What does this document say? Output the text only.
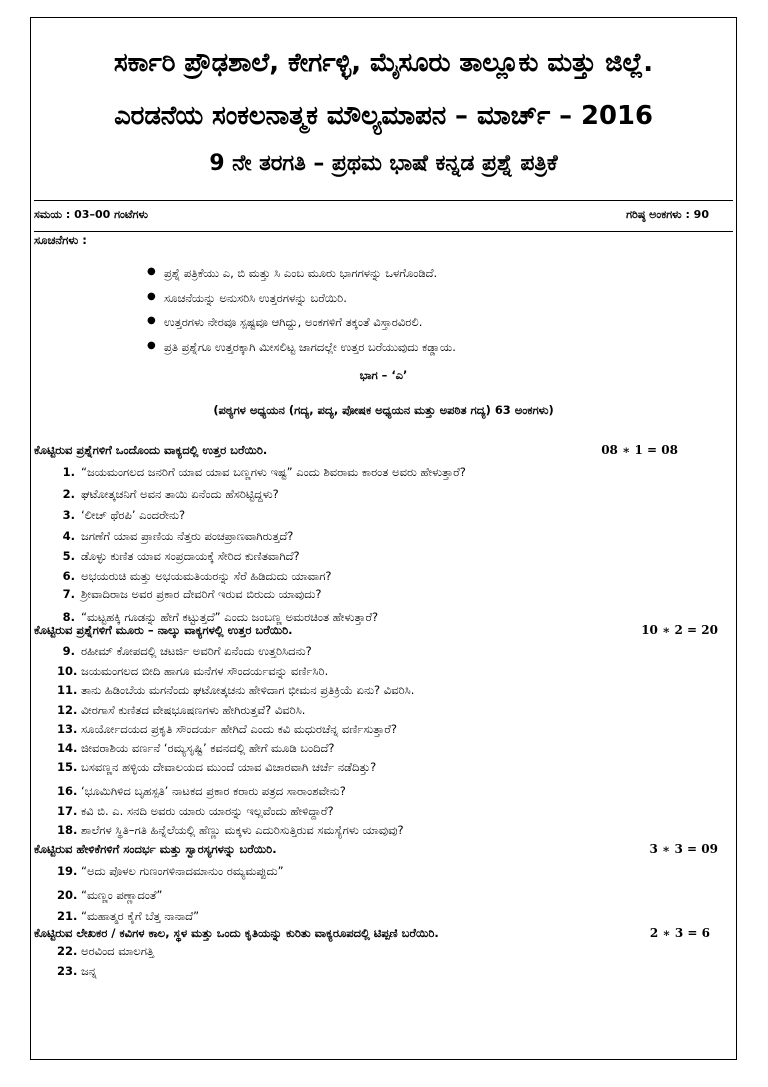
ಸರ್ಕಾರಿ ಪ್ರೌಢಶಾಲೆ, ಕೇರ್ಗಳ್ಳಿ, ಮೈಸೂರು ತಾಲ್ಲೂಕು ಮತ್ತು ಜಿಲ್ಲೆ.
ಎರಡನೆಯ ಸಂಕಲನಾತ್ಮಕ ಮೌಲ್ಯಮಾಪನ – ಮಾರ್ಚ್ – 2016
9 ನೇ ತರಗತಿ – ಪ್ರಥಮ ಭಾಷೆ ಕನ್ನಡ ಪ್ರಶ್ನೆ ಪತ್ರಿಕೆ
ಸಮಯ : 03–00 ಗಂಟೆಗಳು	ಗರಿಷ್ಠ ಅಂಕಗಳು : 90
ಸೂಚನೆಗಳು :
● ಪ್ರಶ್ನೆ ಪತ್ರಿಕೆಯು ಎ, ಬಿ ಮತ್ತು ಸಿ ಎಂಬ ಮೂರು ಭಾಗಗಳನ್ನು ಒಳಗೊಂಡಿದೆ.
● ಸೂಚನೆಯನ್ನು ಅನುಸರಿಸಿ ಉತ್ತರಗಳನ್ನು ಬರೆಯಿರಿ.
● ಉತ್ತರಗಳು ನೇರವೂ ಸ್ಪಷ್ಟವೂ ಆಗಿದ್ದು, ಅಂಕಗಳಿಗೆ ತಕ್ಕಂತೆ ವಿಸ್ತಾರವಿರಲಿ.
● ಪ್ರತಿ ಪ್ರಶ್ನೆಗೂ ಉತ್ತರಕ್ಕಾಗಿ ಮೀಸಲಿಟ್ಟ ಜಾಗದಲ್ಲೇ ಉತ್ತರ ಬರೆಯುವುದು ಕಡ್ಡಾಯ.
ಭಾಗ – ‘ಎ’
(ಪಠ್ಯಗಳ ಅಧ್ಯಯನ (ಗದ್ಯ, ಪದ್ಯ, ಪೋಷಕ ಅಧ್ಯಯನ ಮತ್ತು ಅಪಠಿತ ಗದ್ಯ) 63 ಅಂಕಗಳು)
ಕೊಟ್ಟಿರುವ ಪ್ರಶ್ನೆಗಳಿಗೆ ಒಂದೊಂದು ವಾಕ್ಯದಲ್ಲಿ ಉತ್ತರ ಬರೆಯಿರಿ.	08 ∗ 1 = 08
1. “ಜಯಮಂಗಲದ ಜನರಿಗೆ ಯಾವ ಯಾವ ಬಣ್ಣಗಳು ಇಷ್ಟ” ಎಂದು ಶಿವರಾಮ ಕಾರಂತ ಅವರು ಹೇಳುತ್ತಾರೆ?
2. ಘಟೋತ್ಕಚನಿಗೆ ಅವನ ತಾಯಿ ಏನೆಂದು ಹೆಸರಿಟ್ಟಿದ್ದಳು?
3. ‘ಲೀಚ್ ಥೆರಪಿ’ ಎಂದರೇನು?
4. ಜಗಣೆಗೆ ಯಾವ ಪ್ರಾಣಿಯ ನೆತ್ತರು ಪಂಚಪ್ರಾಣವಾಗಿರುತ್ತದೆ?
5. ಡೊಳ್ಳು ಕುಣಿತ ಯಾವ ಸಂಪ್ರದಾಯಕ್ಕೆ ಸೇರಿದ ಕುಣಿತವಾಗಿದೆ?
6. ಅಭಯರುಚಿ ಮತ್ತು ಅಭಯಮತಿಯರನ್ನು ಸೆರೆ ಹಿಡಿದುದು ಯಾವಾಗ?
7. ಶ್ರೀವಾದಿರಾಜ ಅವರ ಪ್ರಕಾರ ದೇವರಿಗೆ ಇರುವ ಬಿರುದು ಯಾವುದು?
8. “ಮಟ್ಟಹಕ್ಕಿ ಗೂಡನ್ನು ಹೇಗೆ ಕಟ್ಟುತ್ತದೆ” ಎಂದು ಜಂಬಣ್ಣ ಅಮರಚಿಂತ ಹೇಳುತ್ತಾರೆ?
ಕೊಟ್ಟಿರುವ ಪ್ರಶ್ನೆಗಳಿಗೆ ಮೂರು – ನಾಲ್ಕು ವಾಕ್ಯಗಳಲ್ಲಿ ಉತ್ತರ ಬರೆಯಿರಿ.	10 ∗ 2 = 20
9. ರಹೀಮ್ ಕೋಪದಲ್ಲಿ ಚಟರ್ಜಿ ಅವರಿಗೆ ಏನೆಂದು ಉತ್ತರಿಸಿದನು?
10. ಜಯಮಂಗಲದ ಬೀದಿ ಹಾಗೂ ಮನೆಗಳ ಸೌಂದರ್ಯವನ್ನು ವರ್ಣಿಸಿರಿ.
11. ತಾನು ಹಿಡಿಂಬೆಯ ಮಗನೆಂದು ಘಟೋತ್ಕಚನು ಹೇಳಿದಾಗ ಭೀಮನ ಪ್ರತಿಕ್ರಿಯೆ ಏನು? ವಿವರಿಸಿ.
12. ವೀರಗಾಸೆ ಕುಣಿತದ ವೇಷಭೂಷಣಗಳು ಹೇಗಿರುತ್ತವೆ? ವಿವರಿಸಿ.
13. ಸೂರ್ಯೋದಯದ ಪ್ರಕೃತಿ ಸೌಂದರ್ಯ ಹೇಗಿದೆ ಎಂದು ಕವಿ ಮಧುರಚೆನ್ನ ವರ್ಣಿಸುತ್ತಾರೆ?
14. ಜೀವರಾಶಿಯ ವರ್ಣನೆ ‘ರಮ್ಯಸೃಷ್ಟಿ’ ಕವನದಲ್ಲಿ ಹೇಗೆ ಮೂಡಿ ಬಂದಿದೆ?
15. ಬಸವಣ್ಣನ ಹಳ್ಳಿಯ ದೇವಾಲಯದ ಮುಂದೆ ಯಾವ ವಿಚಾರವಾಗಿ ಚರ್ಚೆ ನಡೆದಿತ್ತು?
16. ‘ಭೂಮಿಗಿಳಿದ ಬೃಹಸ್ಪತಿ’ ನಾಟಕದ ಪ್ರಕಾರ ಕರಾರು ಪತ್ರದ ಸಾರಾಂಶವೇನು?
17. ಕವಿ ಬಿ. ಎ. ಸನದಿ ಅವರು ಯಾರು ಯಾರನ್ನು ಇಲ್ಲವೆಂದು ಹೇಳಿದ್ದಾರೆ?
18. ಶಾಲೆಗಳ ಸ್ಥಿತಿ–ಗತಿ ಹಿನ್ನೆಲೆಯಲ್ಲಿ ಹೆಣ್ಣು ಮಕ್ಕಳು ಎದುರಿಸುತ್ತಿರುವ ಸಮಸ್ಯೆಗಳು ಯಾವುವು?
ಕೊಟ್ಟಿರುವ ಹೇಳಿಕೆಗಳಿಗೆ ಸಂದರ್ಭ ಮತ್ತು ಸ್ವಾರಸ್ಯಗಳನ್ನು ಬರೆಯಿರಿ.	3 ∗ 3 = 09
19. “ಅದು ಪೊಳಲ ಗುಣಂಗಳಿನಾದಮಾನುಂ ರಮ್ಯಮಪ್ಪುದು”
20. “ಮಣ್ಣಂ ಪಣ್ಣಾದಂತೆ”
21. “ಮಹಾತ್ಮರ ಕೈಗೆ ಬೆತ್ತ ನಾನಾದೆ”
ಕೊಟ್ಟಿರುವ ಲೇಖಕರ / ಕವಿಗಳ ಕಾಲ, ಸ್ಥಳ ಮತ್ತು ಒಂದು ಕೃತಿಯನ್ನು ಕುರಿತು ವಾಕ್ಯರೂಪದಲ್ಲಿ ಟಿಪ್ಪಣಿ ಬರೆಯಿರಿ.	2 ∗ 3 = 6
22. ಅರವಿಂದ ಮಾಲಗತ್ತಿ
23. ಜನ್ನ
